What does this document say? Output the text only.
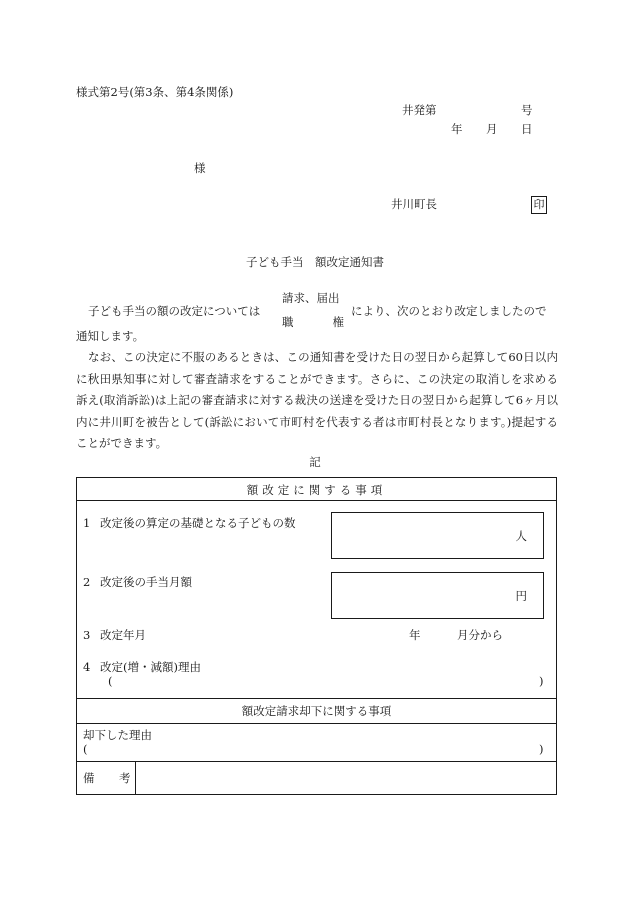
様式第2号(第3条、第4条関係)
井発第	号
年 月 日
様
井川町長	印
子ども手当　額改定通知書
子ども手当の額の改定については
請求、届出
職	権
により、次のとおり改定しましたので
通知します。
なお、この決定に不服のあるときは、この通知書を受けた日の翌日から起算して60日以内に秋田県知事に対して審査請求をすることができます。さらに、この決定の取消しを求める訴え(取消訴訟)は上記の審査請求に対する裁決の送達を受けた日の翌日から起算して6ヶ月以内に井川町を被告として(訴訟において市町村を代表する者は市町村長となります。)提起することができます。
記
額改定に関する事項
1 改定後の算定の基礎となる子どもの数
人
2 改定後の手当月額
円
3 改定年月	年	月分から
4 改定(増・減額)理由
(	)
額改定請求却下に関する事項
却下した理由
(	)
備 考
